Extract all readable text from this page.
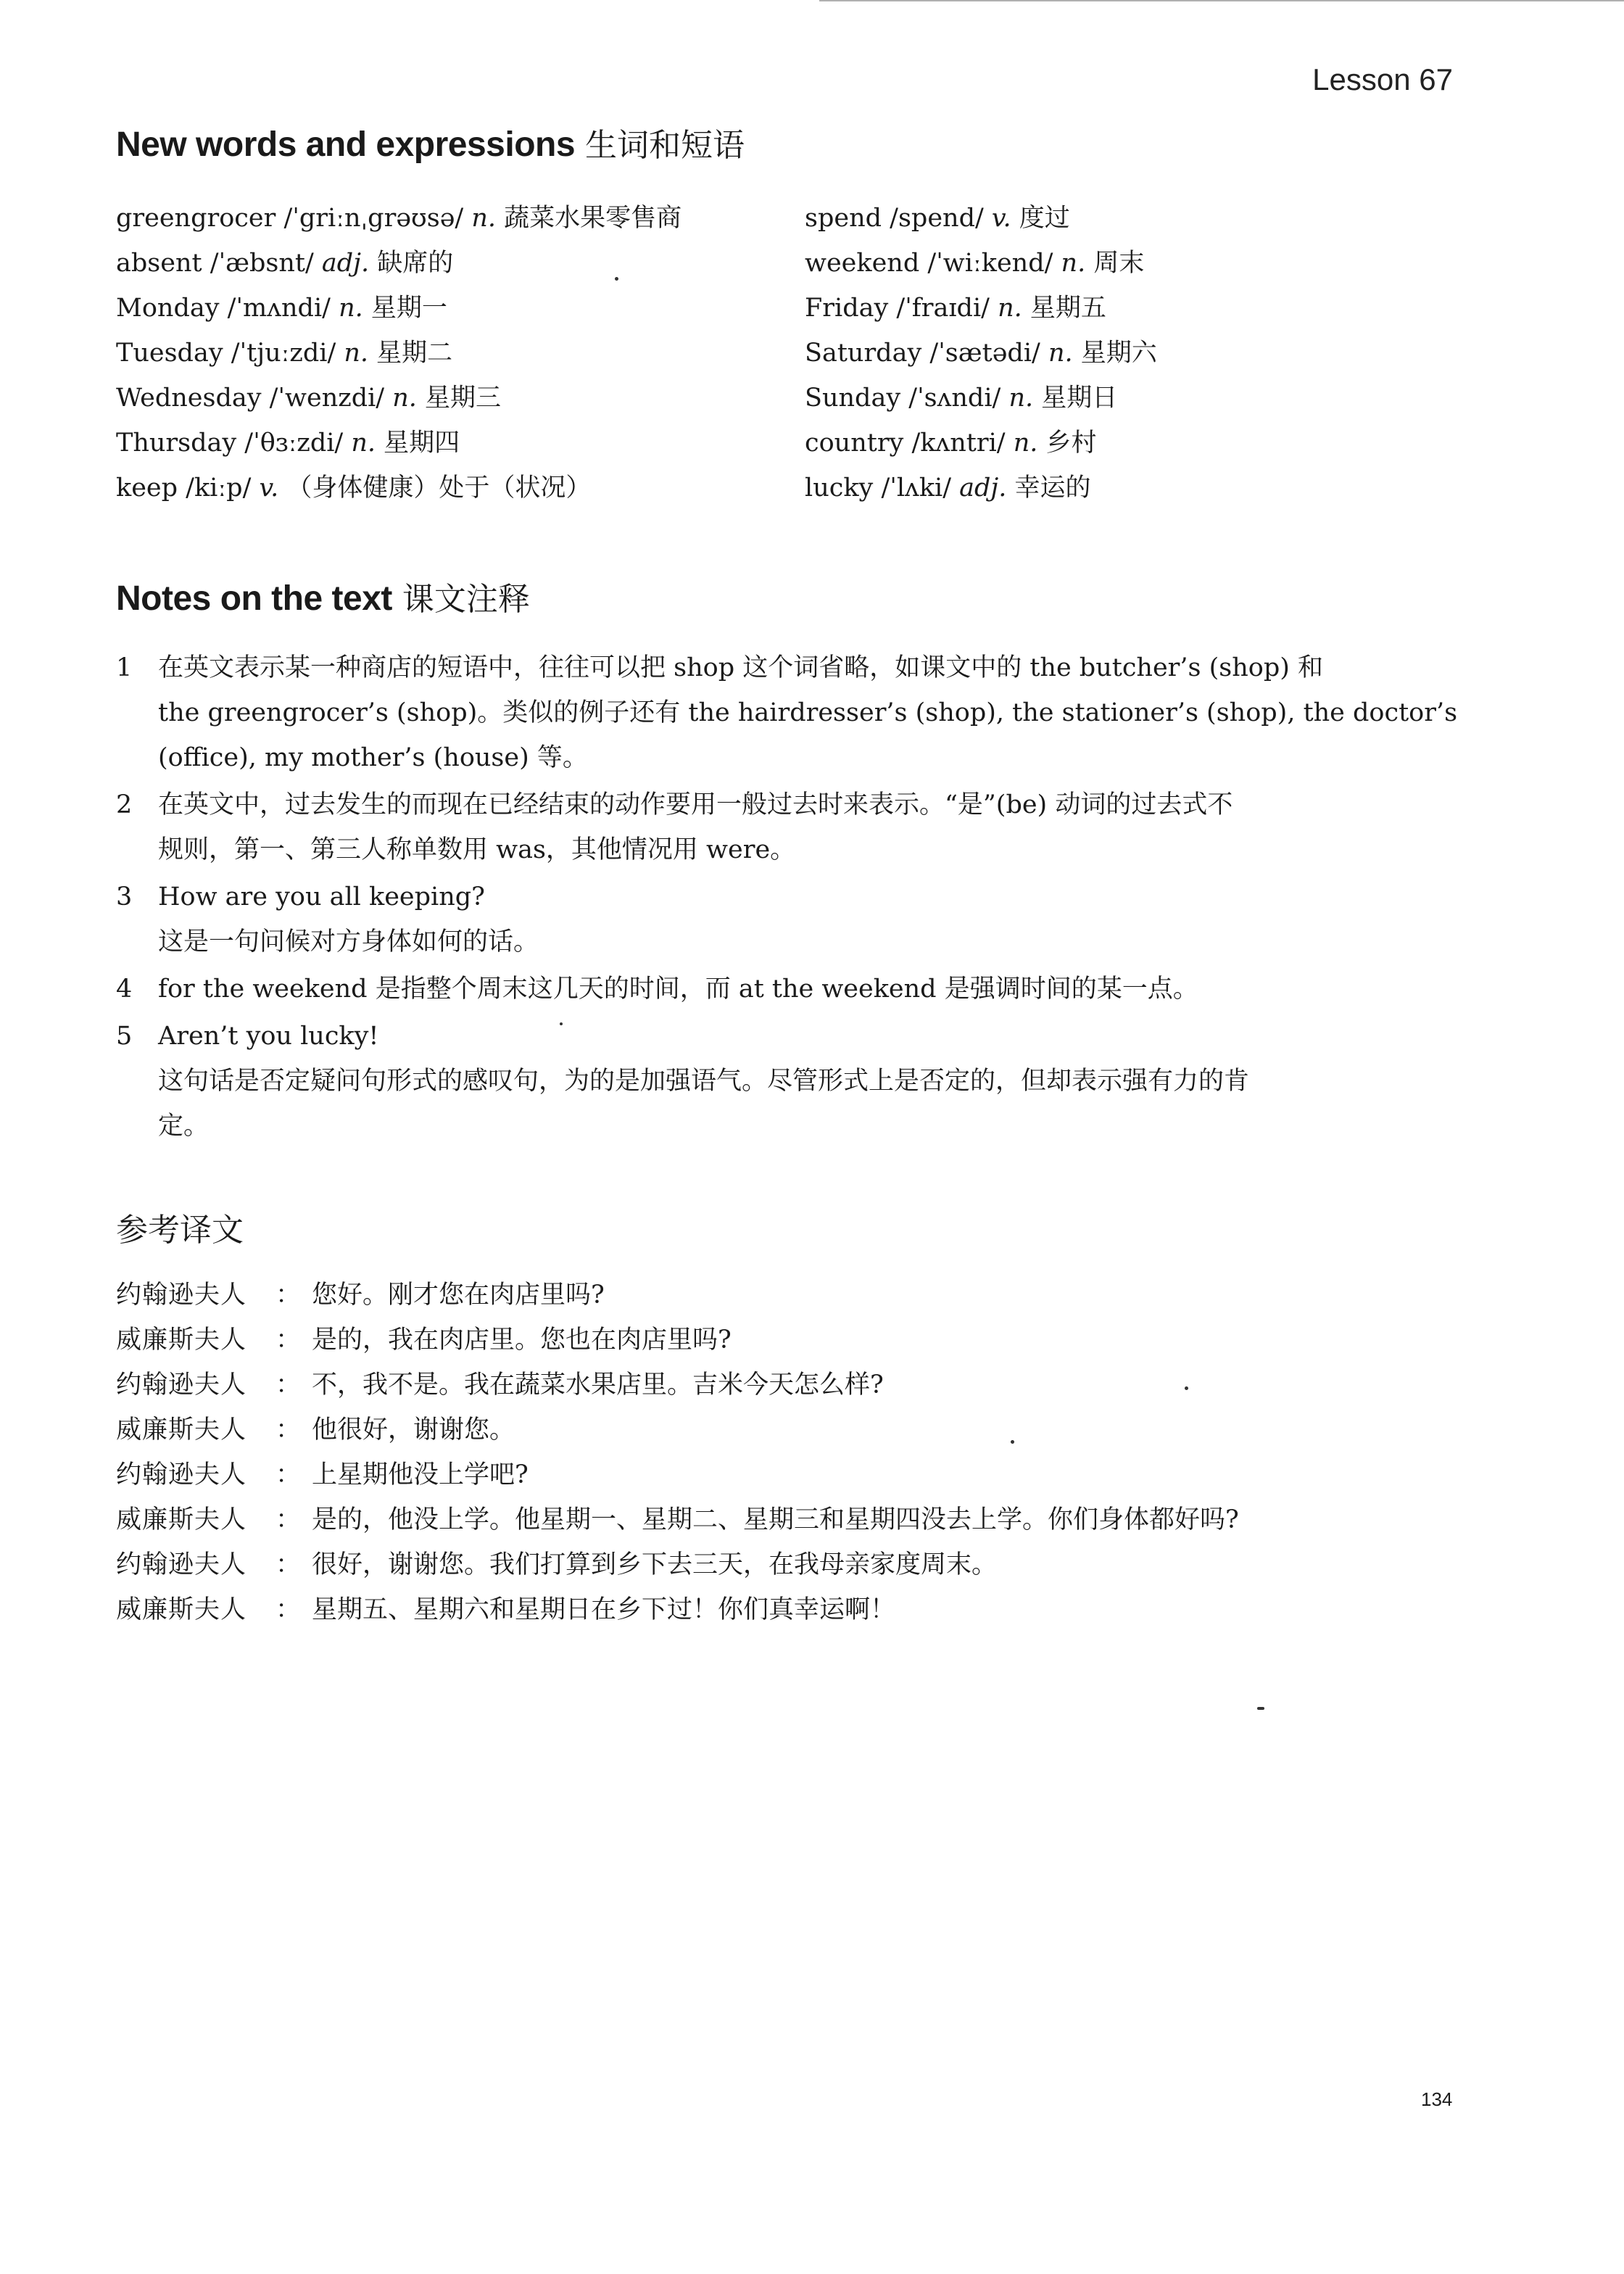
Lesson 67
New words and expressions 生词和短语
greengrocer /ˈgriːnˌgrəʊsə/ n. 蔬菜水果零售商
absent /ˈæbsnt/ adj. 缺席的
Monday /ˈmʌndi/ n. 星期一
Tuesday /ˈtjuːzdi/ n. 星期二
Wednesday /ˈwenzdi/ n. 星期三
Thursday /ˈθɜːzdi/ n. 星期四
keep /kiːp/ v. （身体健康）处于（状况）
spend /spend/ v. 度过
weekend /ˈwiːkend/ n. 周末
Friday /ˈfraɪdi/ n. 星期五
Saturday /ˈsætədi/ n. 星期六
Sunday /ˈsʌndi/ n. 星期日
country /kʌntri/ n. 乡村
lucky /ˈlʌki/ adj. 幸运的
Notes on the text 课文注释
1	在英文表示某一种商店的短语中，往往可以把 shop 这个词省略，如课文中的 the butcher’s (shop) 和
the greengrocer’s (shop)。类似的例子还有 the hairdresser’s (shop), the stationer’s (shop), the doctor’s
(office), my mother’s (house) 等。
2	在英文中，过去发生的而现在已经结束的动作要用一般过去时来表示。“是”(be) 动词的过去式不
规则，第一、第三人称单数用 was，其他情况用 were。
3	How are you all keeping?
这是一句问候对方身体如何的话。
4	for the weekend 是指整个周末这几天的时间，而 at the weekend 是强调时间的某一点。
5	Aren’t you lucky!
这句话是否定疑问句形式的感叹句，为的是加强语气。尽管形式上是否定的，但却表示强有力的肯
定。
参考译文
约翰逊夫人	： 您好。刚才您在肉店里吗?
威廉斯夫人	： 是的，我在肉店里。您也在肉店里吗?
约翰逊夫人	： 不，我不是。我在蔬菜水果店里。吉米今天怎么样?
威廉斯夫人	： 他很好，谢谢您。
约翰逊夫人	： 上星期他没上学吧?
威廉斯夫人	： 是的，他没上学。他星期一、星期二、星期三和星期四没去上学。你们身体都好吗?
约翰逊夫人	： 很好，谢谢您。我们打算到乡下去三天，在我母亲家度周末。
威廉斯夫人	： 星期五、星期六和星期日在乡下过！你们真幸运啊！
134
